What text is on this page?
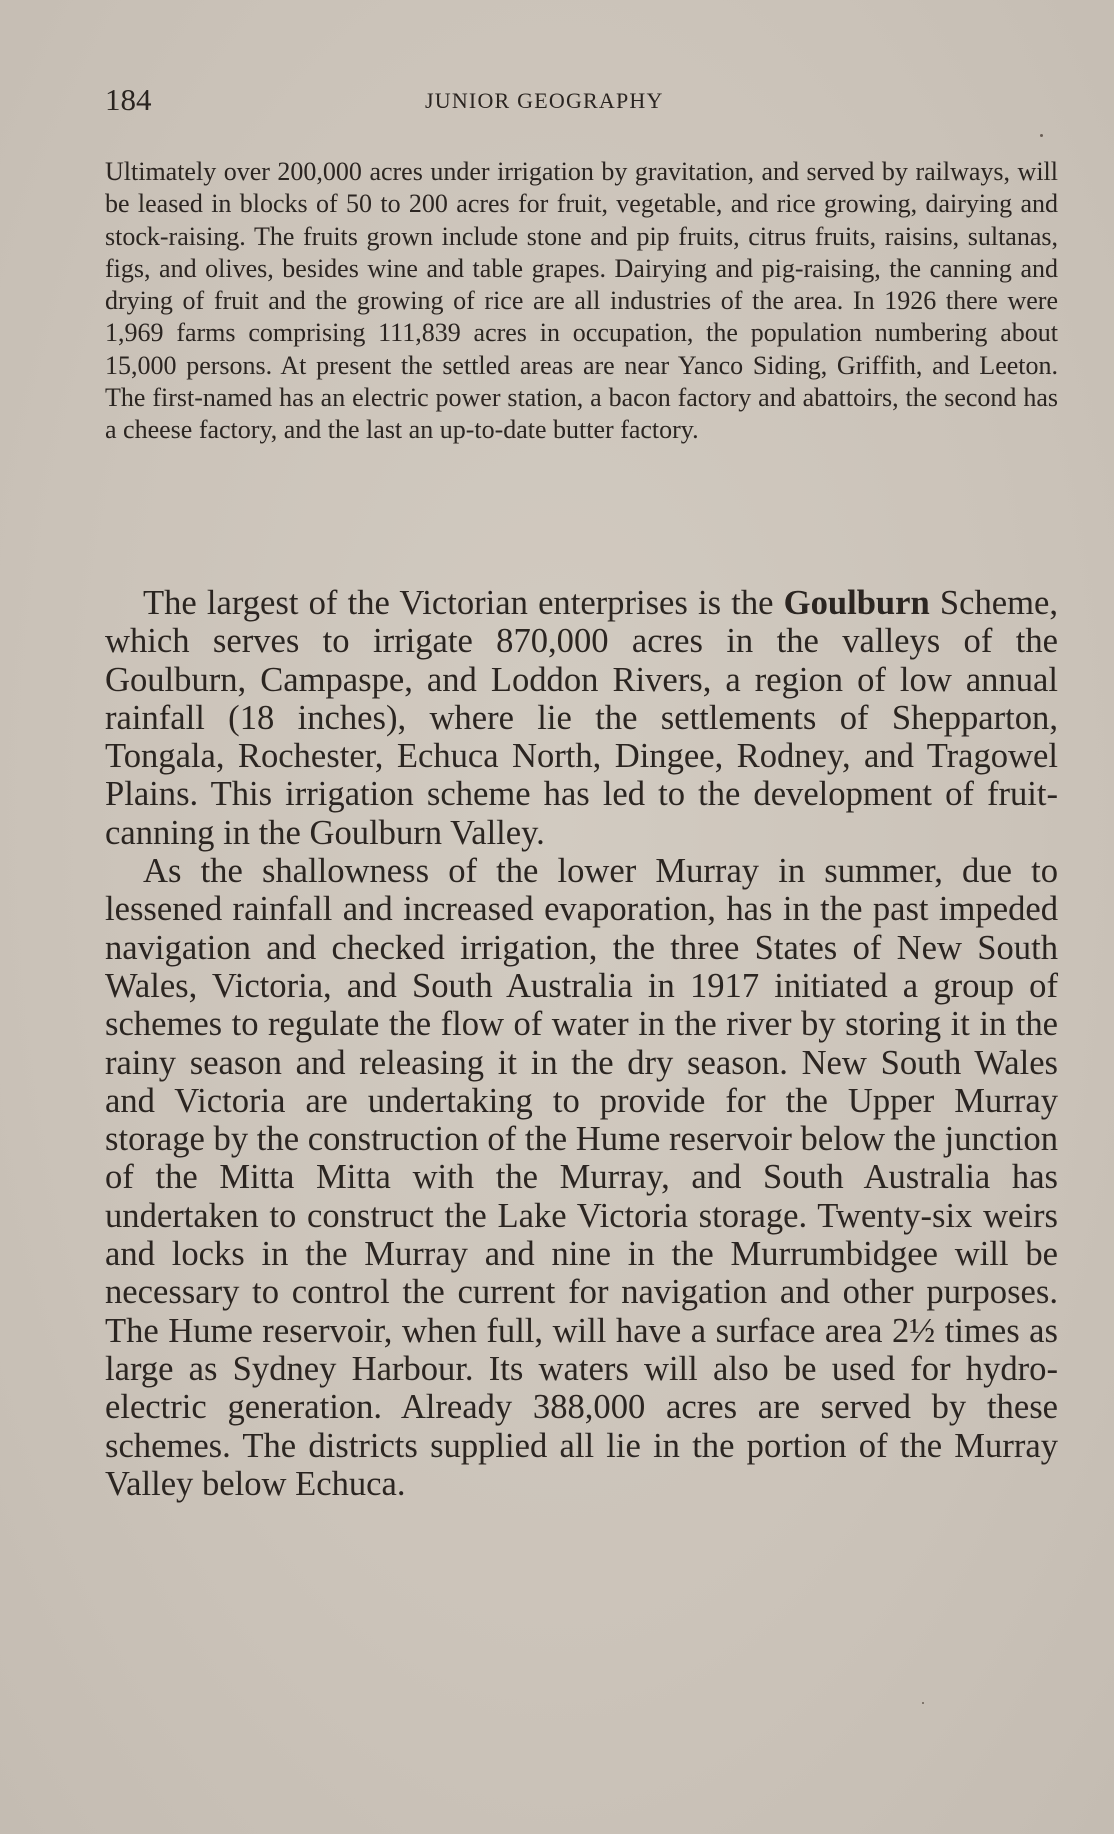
184	JUNIOR GEOGRAPHY
Ultimately over 200,000 acres under irrigation by gravitation, and served by railways, will be leased in blocks of 50 to 200 acres for fruit, vegetable, and rice growing, dairying and stock-raising. The fruits grown include stone and pip fruits, citrus fruits, raisins, sultanas, figs, and olives, besides wine and table grapes. Dairying and pig-raising, the canning and drying of fruit and the growing of rice are all industries of the area. In 1926 there were 1,969 farms comprising 111,839 acres in occupation, the population numbering about 15,000 persons. At present the settled areas are near Yanco Siding, Griffith, and Leeton. The first-named has an electric power station, a bacon factory and abattoirs, the second has a cheese factory, and the last an up-to-date butter factory.

The largest of the Victorian enterprises is the Goulburn Scheme, which serves to irrigate 870,000 acres in the valleys of the Goulburn, Campaspe, and Loddon Rivers, a region of low annual rainfall (18 inches), where lie the settlements of Shepparton, Tongala, Rochester, Echuca North, Dingee, Rodney, and Tragowel Plains. This irrigation scheme has led to the development of fruit-canning in the Goulburn Valley.

As the shallowness of the lower Murray in summer, due to lessened rainfall and increased evaporation, has in the past impeded navigation and checked irrigation, the three States of New South Wales, Victoria, and South Australia in 1917 initiated a group of schemes to regulate the flow of water in the river by storing it in the rainy season and releasing it in the dry season. New South Wales and Victoria are undertaking to provide for the Upper Murray storage by the construction of the Hume reservoir below the junction of the Mitta Mitta with the Murray, and South Australia has undertaken to construct the Lake Victoria storage. Twenty-six weirs and locks in the Murray and nine in the Murrumbidgee will be necessary to control the current for navigation and other purposes. The Hume reservoir, when full, will have a surface area 2½ times as large as Sydney Harbour. Its waters will also be used for hydro-electric generation. Already 388,000 acres are served by these schemes. The districts supplied all lie in the portion of the Murray Valley below Echuca.
